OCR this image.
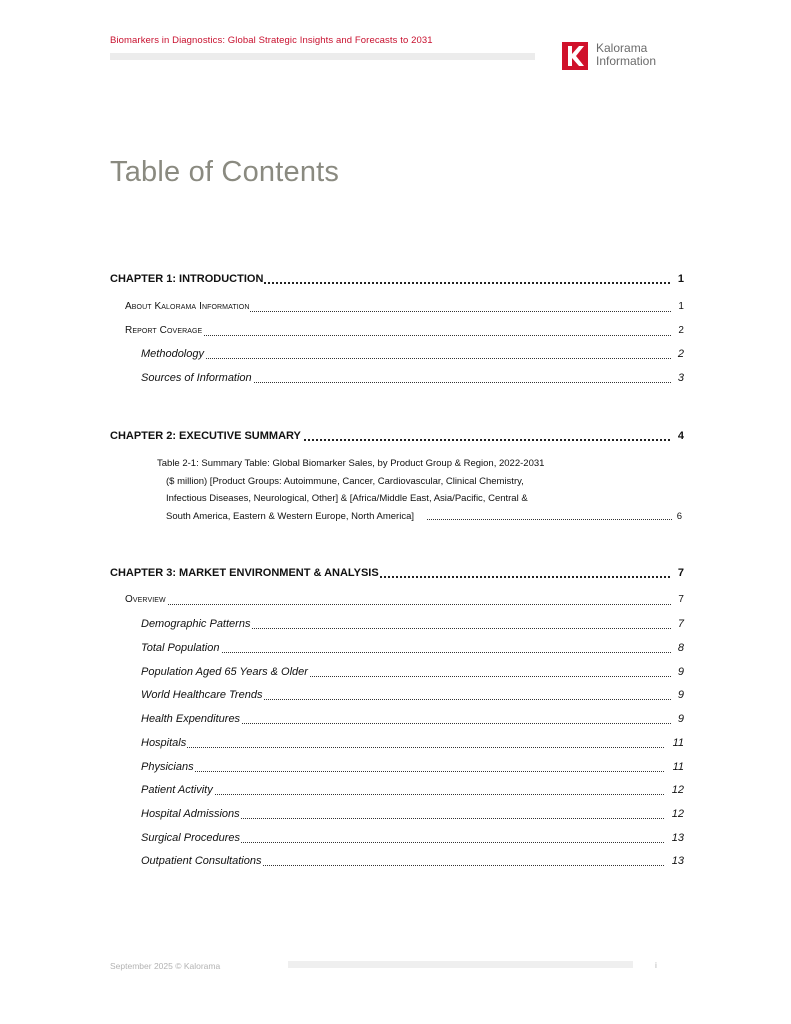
Biomarkers in Diagnostics: Global Strategic Insights and Forecasts to 2031
Kalorama
Information
Table of Contents
CHAPTER 1: INTRODUCTION	1
About Kalorama Information	1
Report Coverage	2
Methodology	2
Sources of Information	3
CHAPTER 2: EXECUTIVE SUMMARY	4
Table 2-1: Summary Table: Global Biomarker Sales, by Product Group & Region, 2022-2031
($ million) [Product Groups: Autoimmune, Cancer, Cardiovascular, Clinical Chemistry,
Infectious Diseases, Neurological, Other] & [Africa/Middle East, Asia/Pacific, Central &
South America, Eastern & Western Europe, North America]	6
CHAPTER 3: MARKET ENVIRONMENT & ANALYSIS	7
Overview	7
Demographic Patterns	7
Total Population	8
Population Aged 65 Years & Older	9
World Healthcare Trends	9
Health Expenditures	9
Hospitals	11
Physicians	11
Patient Activity	12
Hospital Admissions	12
Surgical Procedures	13
Outpatient Consultations	13
September 2025 © Kalorama	i
